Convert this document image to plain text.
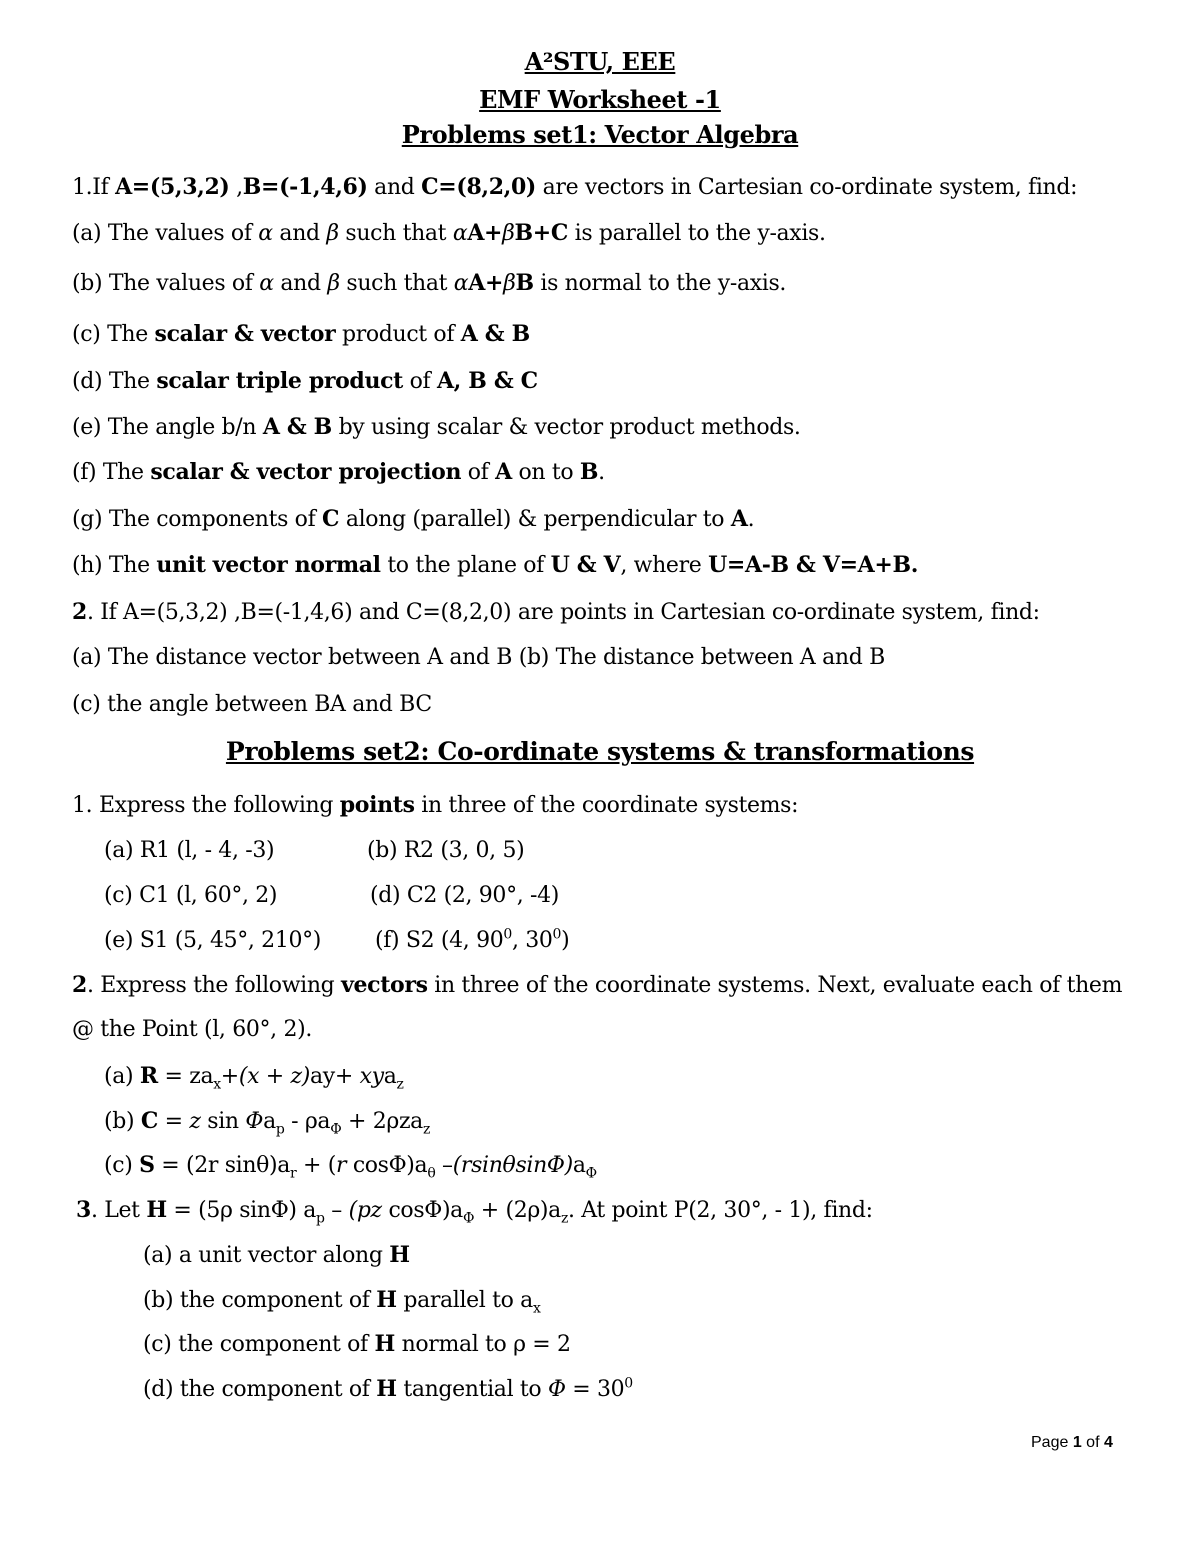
A²STU, EEE
EMF Worksheet -1
Problems set1: Vector Algebra
1.If A=(5,3,2) ,B=(-1,4,6) and C=(8,2,0) are vectors in Cartesian co-ordinate system, find:
(a) The values of α and β such that αA+βB+C is parallel to the y-axis.
(b) The values of α and β such that αA+βB is normal to the y-axis.
(c) The scalar & vector product of A & B
(d) The scalar triple product of A, B & C
(e) The angle b/n A & B by using scalar & vector product methods.
(f) The scalar & vector projection of A on to B.
(g) The components of C along (parallel) & perpendicular to A.
(h) The unit vector normal to the plane of U & V, where U=A-B & V=A+B.
2. If A=(5,3,2) ,B=(-1,4,6) and C=(8,2,0) are points in Cartesian co-ordinate system, find:
(a) The distance vector between A and B (b) The distance between A and B
(c) the angle between BA and BC
Problems set2: Co-ordinate systems & transformations
1. Express the following points in three of the coordinate systems:
(a) R1 (l, - 4, -3)	(b) R2 (3, 0, 5)
(c) C1 (l, 60°, 2)	(d) C2 (2, 90°, -4)
(e) S1 (5, 45°, 210°) (f) S2 (4, $90^0$, $30^0$)
2. Express the following vectors in three of the coordinate systems. Next, evaluate each of them
@ the Point (l, 60°, 2).
(a) $R = za_x+(x + z)ay+ xya_z$
(b) C = z $\sin \Phi a_p - \rho a_\Phi + 2\rho za_z$
(c) S = (2r $\sin\theta)a_r + (r$ $\cos\Phi)a_\theta$ $-(rsin\theta\sin\Phi)a_\Phi$
3. Let H = (5ρ sinΦ) $a_p - (pz$ $\cos\Phi)a_\Phi + (2\rho)a_z$. At point P(2, 30°, - 1), find:
(a) a unit vector along H
(b) the component of H parallel to $a_x$
(c) the component of H normal to ρ = 2
(d) the component of H tangential to $\Phi = 30^0$
Page 1 of 4
